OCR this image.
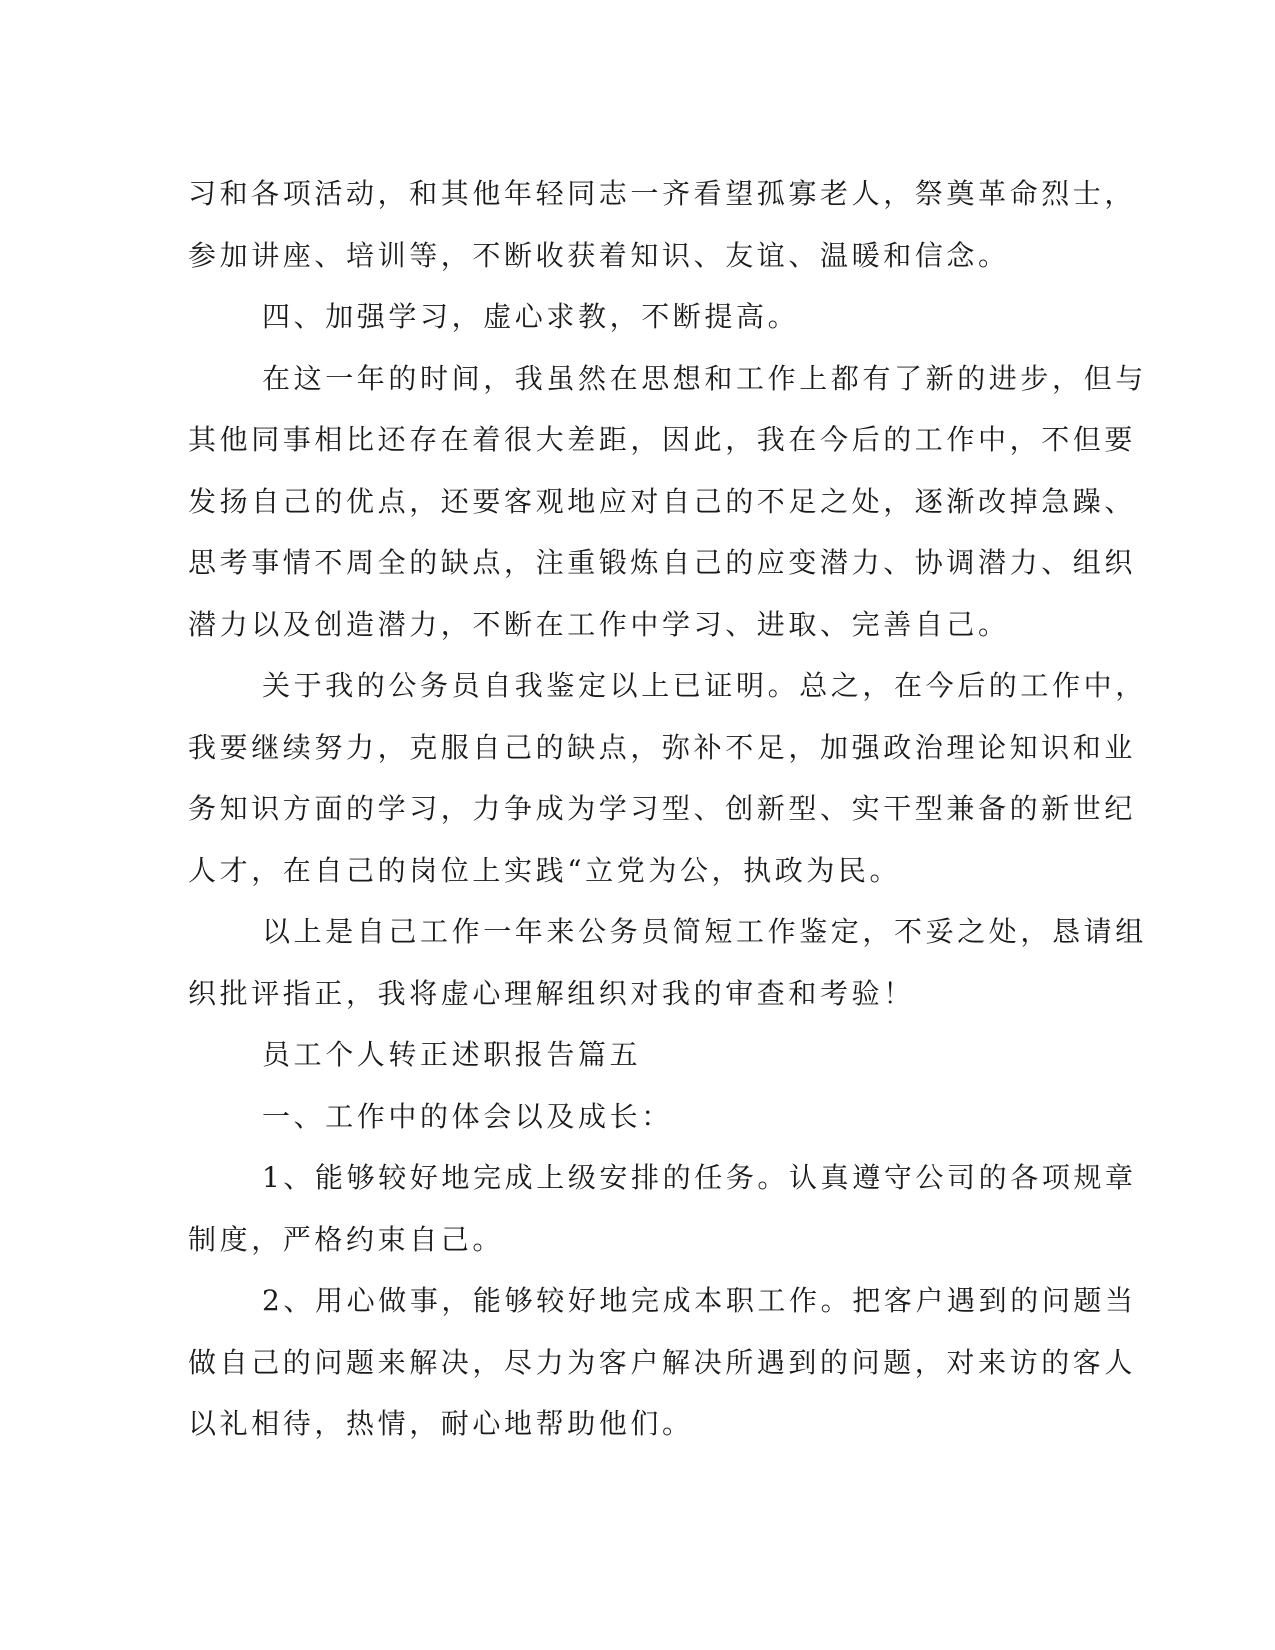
习和各项活动，和其他年轻同志一齐看望孤寡老人，祭奠革命烈士，
参加讲座、培训等，不断收获着知识、友谊、温暖和信念。
四、加强学习，虚心求教，不断提高。
在这一年的时间，我虽然在思想和工作上都有了新的进步，但与
其他同事相比还存在着很大差距，因此，我在今后的工作中，不但要
发扬自己的优点，还要客观地应对自己的不足之处，逐渐改掉急躁、
思考事情不周全的缺点，注重锻炼自己的应变潜力、协调潜力、组织
潜力以及创造潜力，不断在工作中学习、进取、完善自己。
关于我的公务员自我鉴定以上已证明。总之，在今后的工作中，
我要继续努力，克服自己的缺点，弥补不足，加强政治理论知识和业
务知识方面的学习，力争成为学习型、创新型、实干型兼备的新世纪
人才，在自己的岗位上实践“立党为公，执政为民。
以上是自己工作一年来公务员简短工作鉴定，不妥之处，恳请组
织批评指正，我将虚心理解组织对我的审查和考验！
员工个人转正述职报告篇五
一、工作中的体会以及成长：
1、能够较好地完成上级安排的任务。认真遵守公司的各项规章
制度，严格约束自己。
2、用心做事，能够较好地完成本职工作。把客户遇到的问题当
做自己的问题来解决，尽力为客户解决所遇到的问题，对来访的客人
以礼相待，热情，耐心地帮助他们。
